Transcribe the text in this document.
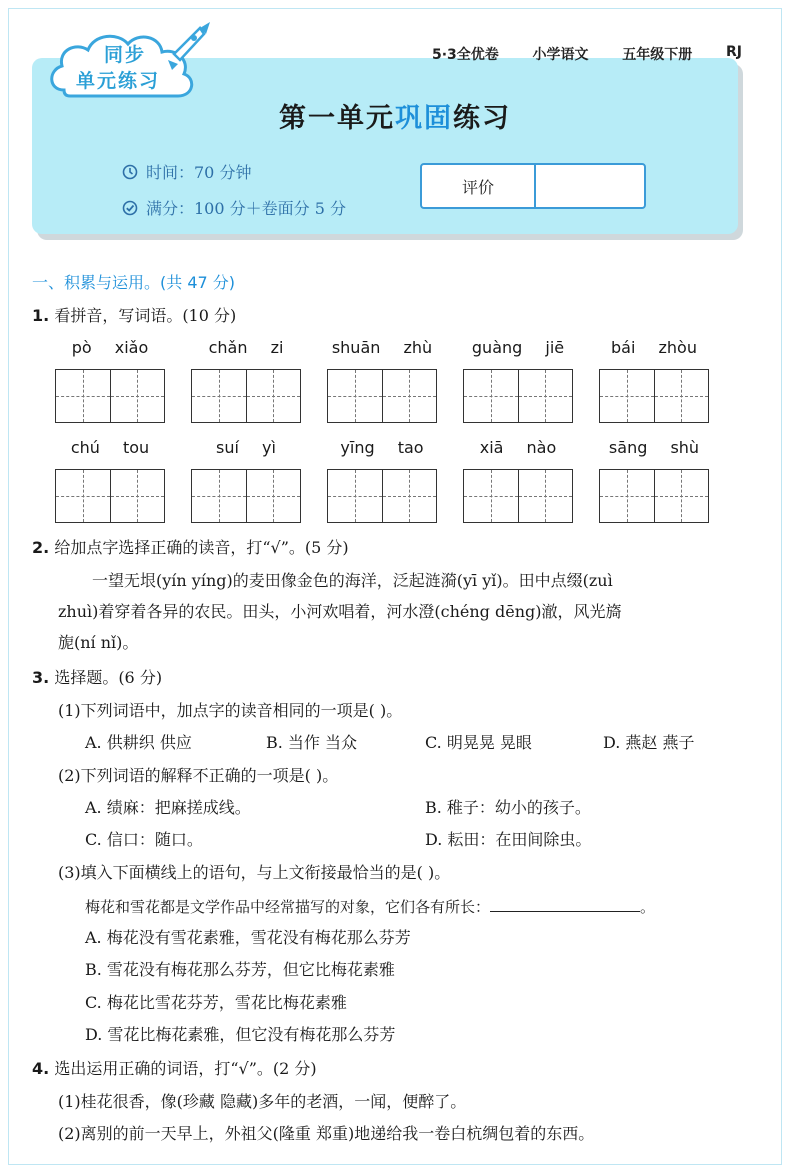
同步
单元练习
5·3全优卷 小学语文 五年级下册 RJ
第一单元巩固练习
时间：70 分钟
满分：100 分＋卷面分 5 分
评价
一、积累与运用。(共 47 分)
1. 看拼音，写词语。(10 分)
pò xiǎo	chǎn zi	shuān zhù	guàng jiē	bái zhòu
chú tou	suí yì	yīng tao	xiā nào	sāng shù
2. 给加点字选择正确的读音，打“√”。(5 分)
一望无垠(yín yíng)的麦田像金色的海洋，泛起涟漪(yī yǐ)。田中点缀(zuì
zhuì)着穿着各异的农民。田头，小河欢唱着，河水澄(chéng dēng)澈，风光旖
旎(ní nǐ)。
3. 选择题。(6 分)
(1)下列词语中，加点字的读音相同的一项是( )。
A. 供耕织 供应	B. 当作 当众	C. 明晃晃 晃眼	D. 燕赵 燕子
(2)下列词语的解释不正确的一项是( )。
A. 绩麻：把麻搓成线。	B. 稚子：幼小的孩子。
C. 信口：随口。	D. 耘田：在田间除虫。
(3)填入下面横线上的语句，与上文衔接最恰当的是( )。
梅花和雪花都是文学作品中经常描写的对象，它们各有所长：	。
A. 梅花没有雪花素雅，雪花没有梅花那么芬芳
B. 雪花没有梅花那么芬芳，但它比梅花素雅
C. 梅花比雪花芬芳，雪花比梅花素雅
D. 雪花比梅花素雅，但它没有梅花那么芬芳
4. 选出运用正确的词语，打“√”。(2 分)
(1)桂花很香，像(珍藏 隐藏)多年的老酒，一闻，便醉了。
(2)离别的前一天早上，外祖父(隆重 郑重)地递给我一卷白杭绸包着的东西。
